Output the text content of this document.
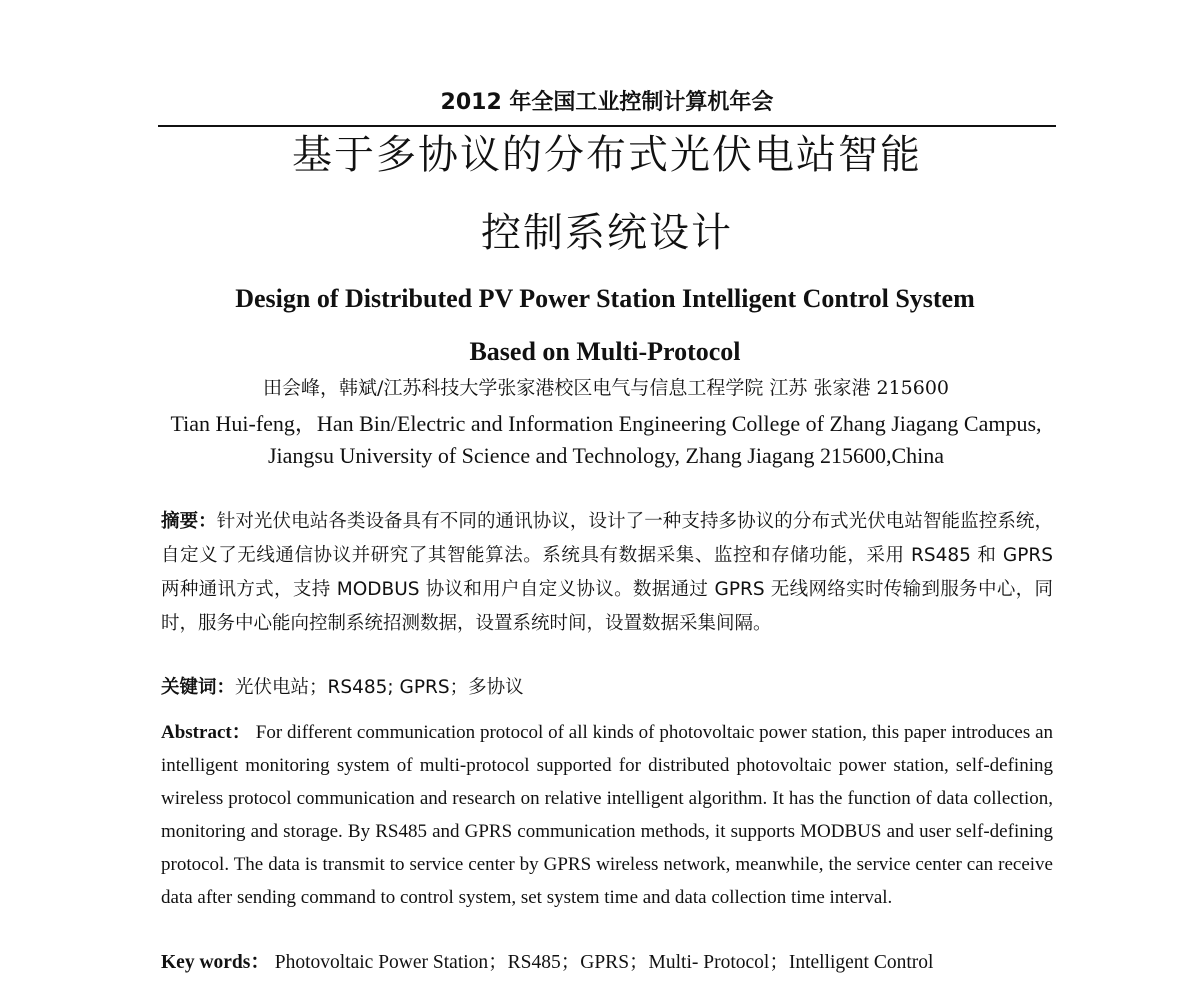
2012 年全国工业控制计算机年会
基于多协议的分布式光伏电站智能
控制系统设计
Design of Distributed PV Power Station Intelligent Control System
Based on Multi-Protocol
田会峰，韩斌/江苏科技大学张家港校区电气与信息工程学院 江苏 张家港 215600
Tian Hui-feng，Han Bin/Electric and Information Engineering College of Zhang Jiagang Campus, Jiangsu University of Science and Technology, Zhang Jiagang 215600,China
摘要：针对光伏电站各类设备具有不同的通讯协议，设计了一种支持多协议的分布式光伏电站智能监控系统，自定义了无线通信协议并研究了其智能算法。系统具有数据采集、监控和存储功能，采用 RS485 和 GPRS 两种通讯方式，支持 MODBUS 协议和用户自定义协议。数据通过 GPRS 无线网络实时传输到服务中心，同时，服务中心能向控制系统招测数据，设置系统时间，设置数据采集间隔。
关键词：光伏电站；RS485; GPRS；多协议
Abstract： For different communication protocol of all kinds of photovoltaic power station, this paper introduces an intelligent monitoring system of multi-protocol supported for distributed photovoltaic power station, self-defining wireless protocol communication and research on relative intelligent algorithm. It has the function of data collection, monitoring and storage. By RS485 and GPRS communication methods, it supports MODBUS and user self-defining protocol. The data is transmit to service center by GPRS wireless network, meanwhile, the service center can receive data after sending command to control system, set system time and data collection time interval.
Key words： Photovoltaic Power Station；RS485；GPRS；Multi- Protocol；Intelligent Control
